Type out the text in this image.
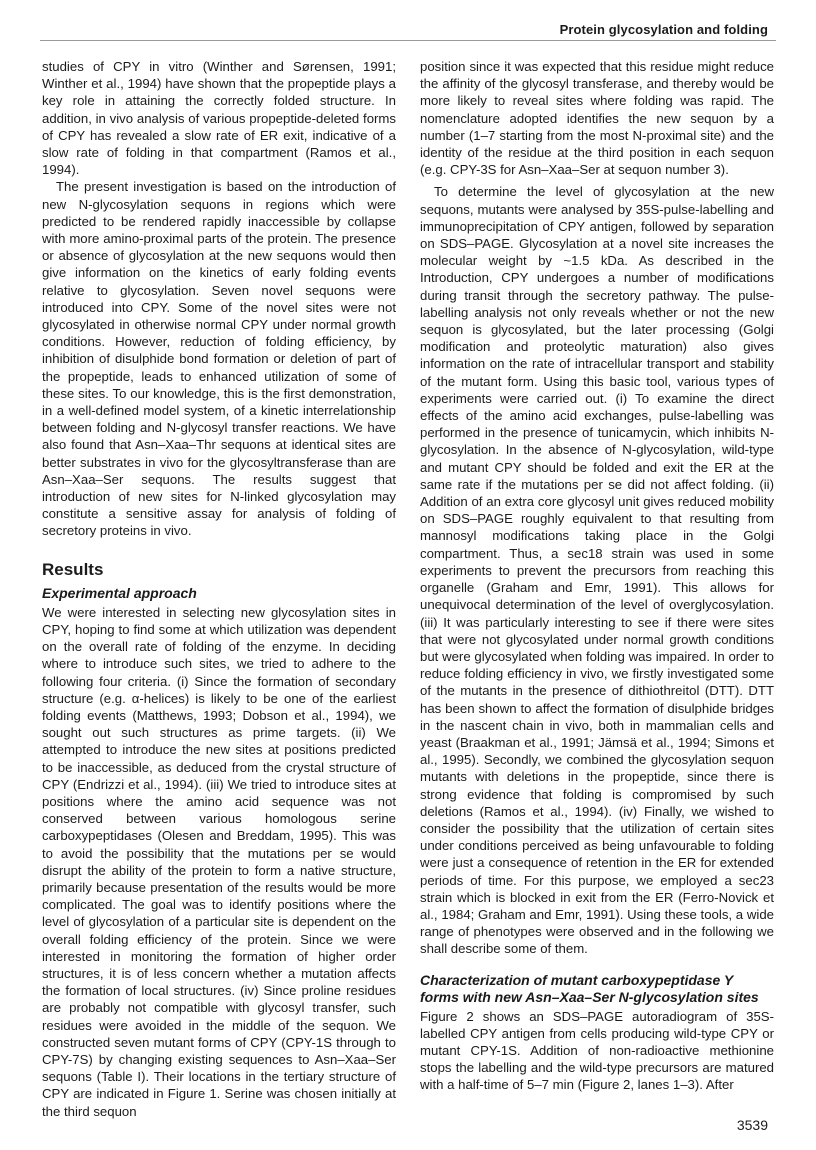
Protein glycosylation and folding

studies of CPY in vitro (Winther and Sørensen, 1991; Winther et al., 1994) have shown that the propeptide plays a key role in attaining the correctly folded structure. In addition, in vivo analysis of various propeptide-deleted forms of CPY has revealed a slow rate of ER exit, indicative of a slow rate of folding in that compartment (Ramos et al., 1994).

The present investigation is based on the introduction of new N-glycosylation sequons in regions which were predicted to be rendered rapidly inaccessible by collapse with more amino-proximal parts of the protein. The presence or absence of glycosylation at the new sequons would then give information on the kinetics of early folding events relative to glycosylation. Seven novel sequons were introduced into CPY. Some of the novel sites were not glycosylated in otherwise normal CPY under normal growth conditions. However, reduction of folding efficiency, by inhibition of disulphide bond formation or deletion of part of the propeptide, leads to enhanced utilization of some of these sites. To our knowledge, this is the first demonstration, in a well-defined model system, of a kinetic interrelationship between folding and N-glycosyl transfer reactions. We have also found that Asn–Xaa–Thr sequons at identical sites are better substrates in vivo for the glycosyltransferase than are Asn–Xaa–Ser sequons. The results suggest that introduction of new sites for N-linked glycosylation may constitute a sensitive assay for analysis of folding of secretory proteins in vivo.

Results
Experimental approach

We were interested in selecting new glycosylation sites in CPY, hoping to find some at which utilization was dependent on the overall rate of folding of the enzyme. In deciding where to introduce such sites, we tried to adhere to the following four criteria. (i) Since the formation of secondary structure (e.g. α-helices) is likely to be one of the earliest folding events (Matthews, 1993; Dobson et al., 1994), we sought out such structures as prime targets. (ii) We attempted to introduce the new sites at positions predicted to be inaccessible, as deduced from the crystal structure of CPY (Endrizzi et al., 1994). (iii) We tried to introduce sites at positions where the amino acid sequence was not conserved between various homologous serine carboxypeptidases (Olesen and Breddam, 1995). This was to avoid the possibility that the mutations per se would disrupt the ability of the protein to form a native structure, primarily because presentation of the results would be more complicated. The goal was to identify positions where the level of glycosylation of a particular site is dependent on the overall folding efficiency of the protein. Since we were interested in monitoring the formation of higher order structures, it is of less concern whether a mutation affects the formation of local structures. (iv) Since proline residues are probably not compatible with glycosyl transfer, such residues were avoided in the middle of the sequon. We constructed seven mutant forms of CPY (CPY-1S through to CPY-7S) by changing existing sequences to Asn–Xaa–Ser sequons (Table I). Their locations in the tertiary structure of CPY are indicated in Figure 1. Serine was chosen initially at the third sequon

position since it was expected that this residue might reduce the affinity of the glycosyl transferase, and thereby would be more likely to reveal sites where folding was rapid. The nomenclature adopted identifies the new sequon by a number (1–7 starting from the most N-proximal site) and the identity of the residue at the third position in each sequon (e.g. CPY-3S for Asn–Xaa–Ser at sequon number 3).

To determine the level of glycosylation at the new sequons, mutants were analysed by 35S-pulse-labelling and immunoprecipitation of CPY antigen, followed by separation on SDS–PAGE. Glycosylation at a novel site increases the molecular weight by ~1.5 kDa. As described in the Introduction, CPY undergoes a number of modifications during transit through the secretory pathway. The pulse-labelling analysis not only reveals whether or not the new sequon is glycosylated, but the later processing (Golgi modification and proteolytic maturation) also gives information on the rate of intracellular transport and stability of the mutant form. Using this basic tool, various types of experiments were carried out. (i) To examine the direct effects of the amino acid exchanges, pulse-labelling was performed in the presence of tunicamycin, which inhibits N-glycosylation. In the absence of N-glycosylation, wild-type and mutant CPY should be folded and exit the ER at the same rate if the mutations per se did not affect folding. (ii) Addition of an extra core glycosyl unit gives reduced mobility on SDS–PAGE roughly equivalent to that resulting from mannosyl modifications taking place in the Golgi compartment. Thus, a sec18 strain was used in some experiments to prevent the precursors from reaching this organelle (Graham and Emr, 1991). This allows for unequivocal determination of the level of overglycosylation. (iii) It was particularly interesting to see if there were sites that were not glycosylated under normal growth conditions but were glycosylated when folding was impaired. In order to reduce folding efficiency in vivo, we firstly investigated some of the mutants in the presence of dithiothreitol (DTT). DTT has been shown to affect the formation of disulphide bridges in the nascent chain in vivo, both in mammalian cells and yeast (Braakman et al., 1991; Jämsä et al., 1994; Simons et al., 1995). Secondly, we combined the glycosylation sequon mutants with deletions in the propeptide, since there is strong evidence that folding is compromised by such deletions (Ramos et al., 1994). (iv) Finally, we wished to consider the possibility that the utilization of certain sites under conditions perceived as being unfavourable to folding were just a consequence of retention in the ER for extended periods of time. For this purpose, we employed a sec23 strain which is blocked in exit from the ER (Ferro-Novick et al., 1984; Graham and Emr, 1991). Using these tools, a wide range of phenotypes were observed and in the following we shall describe some of them.

Characterization of mutant carboxypeptidase Y forms with new Asn–Xaa–Ser N-glycosylation sites

Figure 2 shows an SDS–PAGE autoradiogram of 35S-labelled CPY antigen from cells producing wild-type CPY or mutant CPY-1S. Addition of non-radioactive methionine stops the labelling and the wild-type precursors are matured with a half-time of 5–7 min (Figure 2, lanes 1–3). After

3539
